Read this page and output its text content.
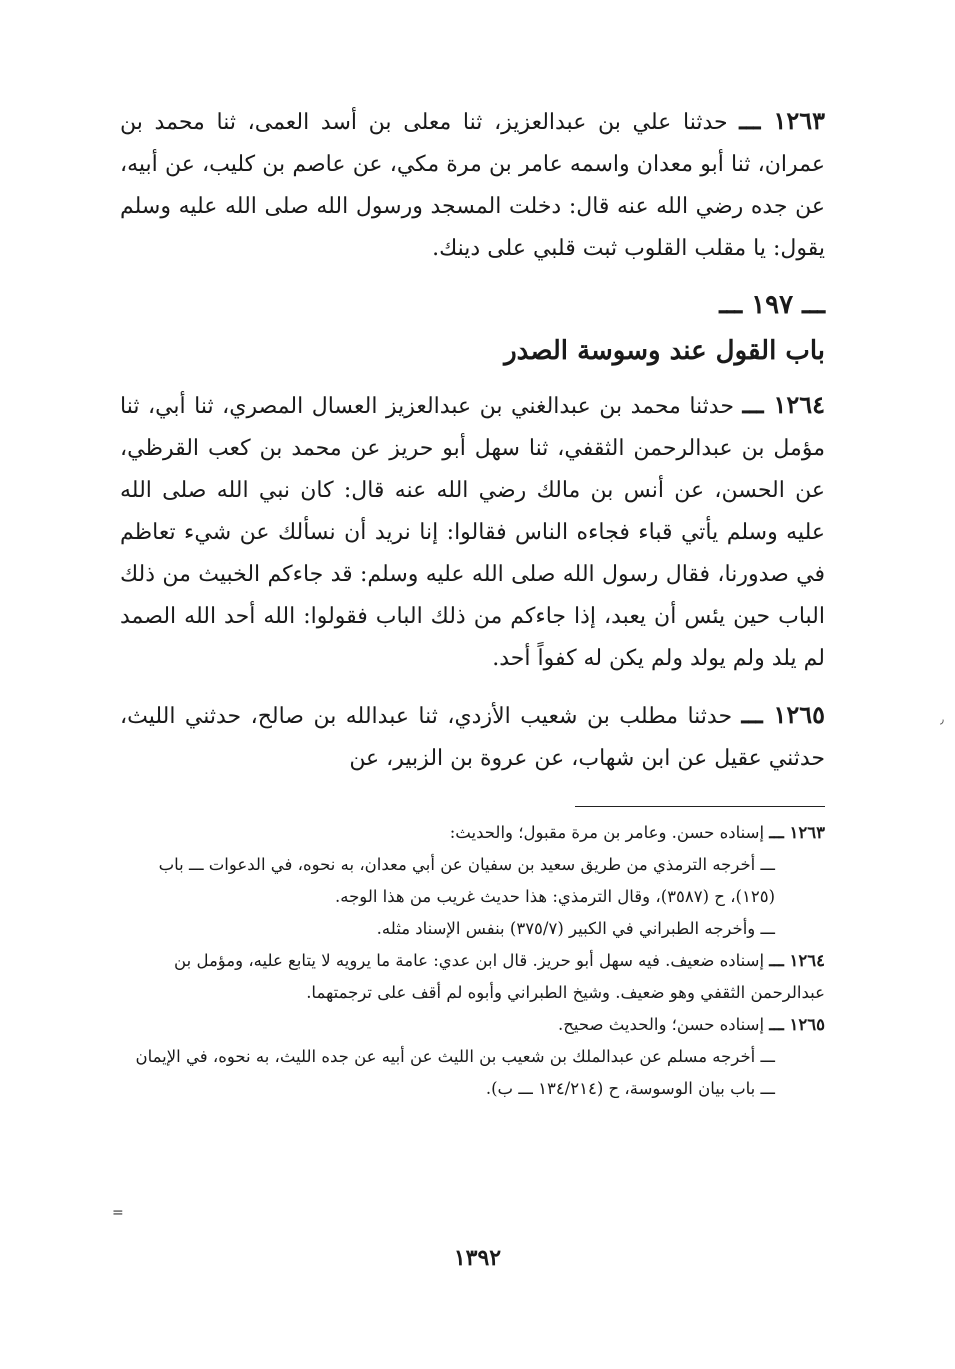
١٢٦٣ ـــ حدثنا علي بن عبدالعزيز، ثنا معلى بن أسد العمى، ثنا محمد بن عمران، ثنا أبو معدان واسمه عامر بن مرة مكي، عن عاصم بن كليب، عن أبيه، عن جده رضي الله عنه قال: دخلت المسجد ورسول الله صلى الله عليه وسلم يقول: يا مقلب القلوب ثبت قلبي على دينك.

ـــ ١٩٧ ـــ
باب القول عند وسوسة الصدر

١٢٦٤ ـــ حدثنا محمد بن عبدالغني بن عبدالعزيز العسال المصري، ثنا أبي، ثنا مؤمل بن عبدالرحمن الثقفي، ثنا سهل أبو حريز عن محمد بن كعب القرظي، عن الحسن، عن أنس بن مالك رضي الله عنه قال: كان نبي الله صلى الله عليه وسلم يأتي قباء فجاءه الناس فقالوا: إنا نريد أن نسألك عن شيء تعاظم في صدورنا، فقال رسول الله صلى الله عليه وسلم: قد جاءكم الخبيث من ذلك الباب حين يئس أن يعبد، إذا جاءكم من ذلك الباب فقولوا: الله أحد الله الصمد لم يلد ولم يولد ولم يكن له كفواً أحد.

١٢٦٥ ـــ حدثنا مطلب بن شعيب الأزدي، ثنا عبدالله بن صالح، حدثني الليث، حدثني عقيل عن ابن شهاب، عن عروة بن الزبير، عن

١٢٦٣ ـــ إسناده حسن. وعامر بن مرة مقبول؛ والحديث:

ـــ أخرجه الترمذي من طريق سعيد بن سفيان عن أبي معدان، به نحوه، في الدعوات ـــ باب (١٢٥)، ح (٣٥٨٧)، وقال الترمذي: هذا حديث غريب من هذا الوجه.

ـــ وأخرجه الطبراني في الكبير (٣٧٥/٧) بنفس الإسناد مثله.

١٢٦٤ ـــ إسناده ضعيف. فيه سهل أبو حريز. قال ابن عدي: عامة ما يرويه لا يتابع عليه، ومؤمل بن عبدالرحمن الثقفي وهو ضعيف. وشيخ الطبراني وأبوه لم أقف على ترجمتهما.

١٢٦٥ ـــ إسناده حسن؛ والحديث صحيح.

ـــ أخرجه مسلم عن عبدالملك بن شعيب بن الليث عن أبيه عن جده الليث، به نحوه، في الإيمان ـــ باب بيان الوسوسة، ح (١٣٤/٢١٤ ـــ ب).

=
٫
١٣٩٢
